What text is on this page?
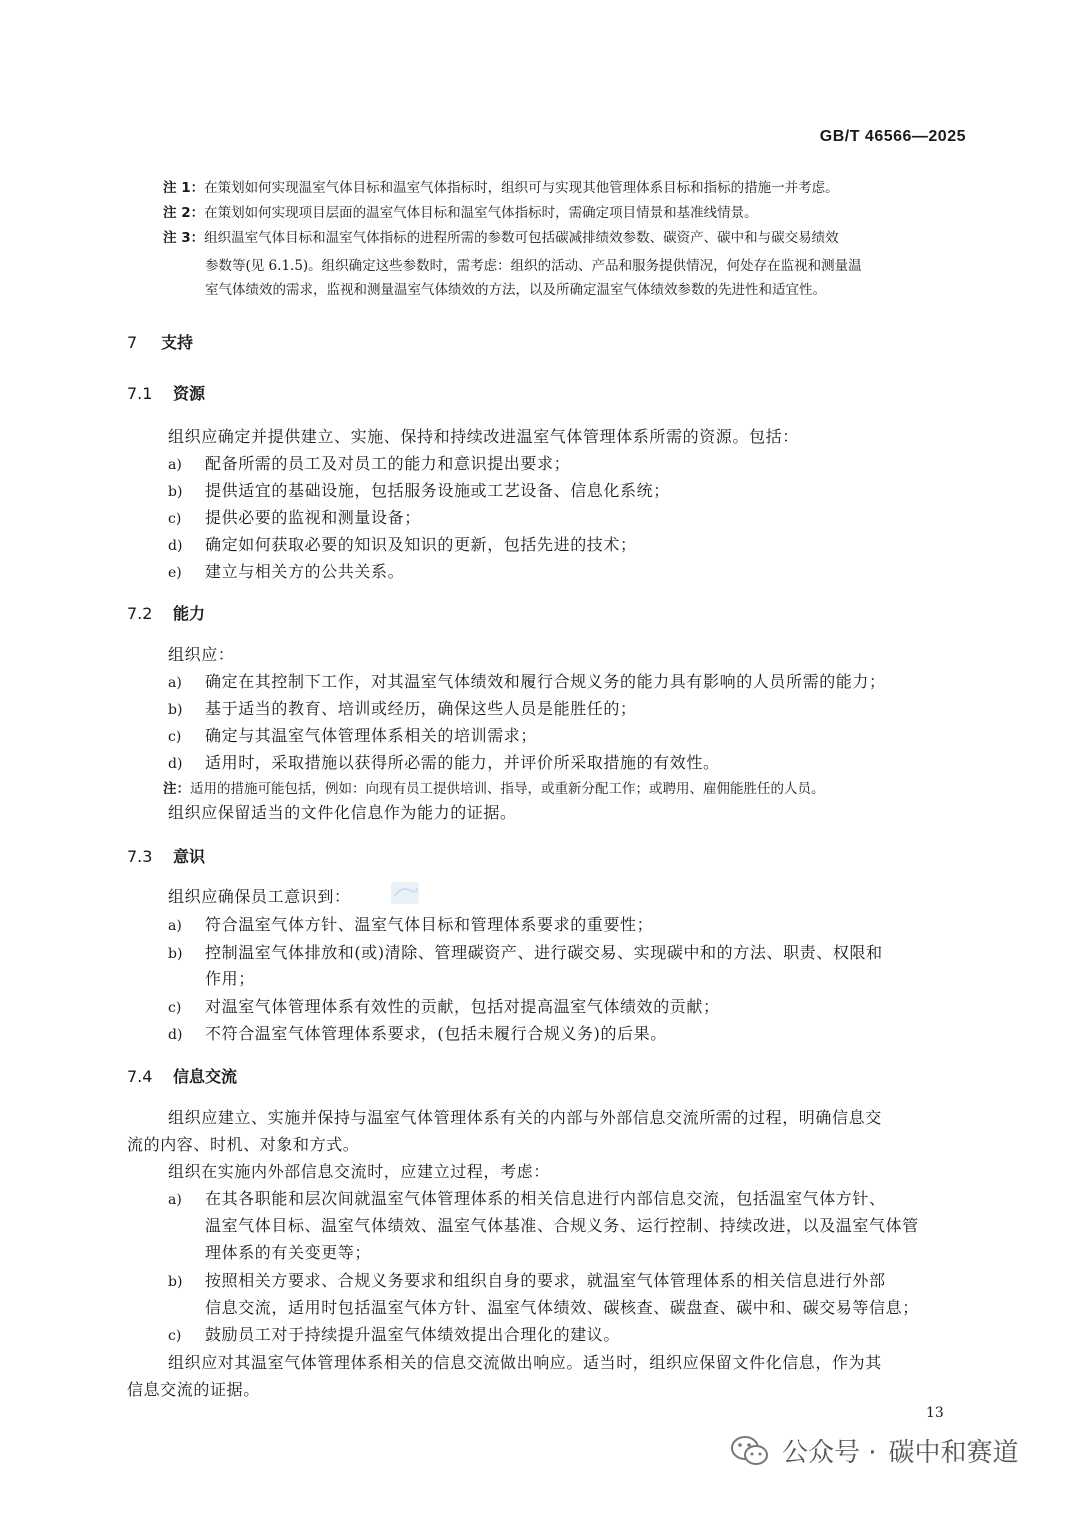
GB/T 46566—2025
注 1：在策划如何实现温室气体目标和温室气体指标时，组织可与实现其他管理体系目标和指标的措施一并考虑。
注 2：在策划如何实现项目层面的温室气体目标和温室气体指标时，需确定项目情景和基准线情景。
注 3：组织温室气体目标和温室气体指标的进程所需的参数可包括碳减排绩效参数、碳资产、碳中和与碳交易绩效
参数等(见 6.1.5)。组织确定这些参数时，需考虑：组织的活动、产品和服务提供情况，何处存在监视和测量温
室气体绩效的需求，监视和测量温室气体绩效的方法，以及所确定温室气体绩效参数的先进性和适宜性。
7 支持
7.1 资源
组织应确定并提供建立、实施、保持和持续改进温室气体管理体系所需的资源。包括：
a) 配备所需的员工及对员工的能力和意识提出要求；
b) 提供适宜的基础设施，包括服务设施或工艺设备、信息化系统；
c) 提供必要的监视和测量设备；
d) 确定如何获取必要的知识及知识的更新，包括先进的技术；
e) 建立与相关方的公共关系。
7.2 能力
组织应：
a) 确定在其控制下工作，对其温室气体绩效和履行合规义务的能力具有影响的人员所需的能力；
b) 基于适当的教育、培训或经历，确保这些人员是能胜任的；
c) 确定与其温室气体管理体系相关的培训需求；
d) 适用时，采取措施以获得所必需的能力，并评价所采取措施的有效性。
注：适用的措施可能包括，例如：向现有员工提供培训、指导，或重新分配工作；或聘用、雇佣能胜任的人员。
组织应保留适当的文件化信息作为能力的证据。
7.3 意识
组织应确保员工意识到：
a) 符合温室气体方针、温室气体目标和管理体系要求的重要性；
b) 控制温室气体排放和(或)清除、管理碳资产、进行碳交易、实现碳中和的方法、职责、权限和
作用；
c) 对温室气体管理体系有效性的贡献，包括对提高温室气体绩效的贡献；
d) 不符合温室气体管理体系要求，(包括未履行合规义务)的后果。
7.4 信息交流
组织应建立、实施并保持与温室气体管理体系有关的内部与外部信息交流所需的过程，明确信息交
流的内容、时机、对象和方式。
组织在实施内外部信息交流时，应建立过程，考虑：
a) 在其各职能和层次间就温室气体管理体系的相关信息进行内部信息交流，包括温室气体方针、
温室气体目标、温室气体绩效、温室气体基准、合规义务、运行控制、持续改进，以及温室气体管
理体系的有关变更等；
b) 按照相关方要求、合规义务要求和组织自身的要求，就温室气体管理体系的相关信息进行外部
信息交流，适用时包括温室气体方针、温室气体绩效、碳核查、碳盘查、碳中和、碳交易等信息；
c) 鼓励员工对于持续提升温室气体绩效提出合理化的建议。
组织应对其温室气体管理体系相关的信息交流做出响应。适当时，组织应保留文件化信息，作为其
信息交流的证据。
13
公众号 · 碳中和赛道
